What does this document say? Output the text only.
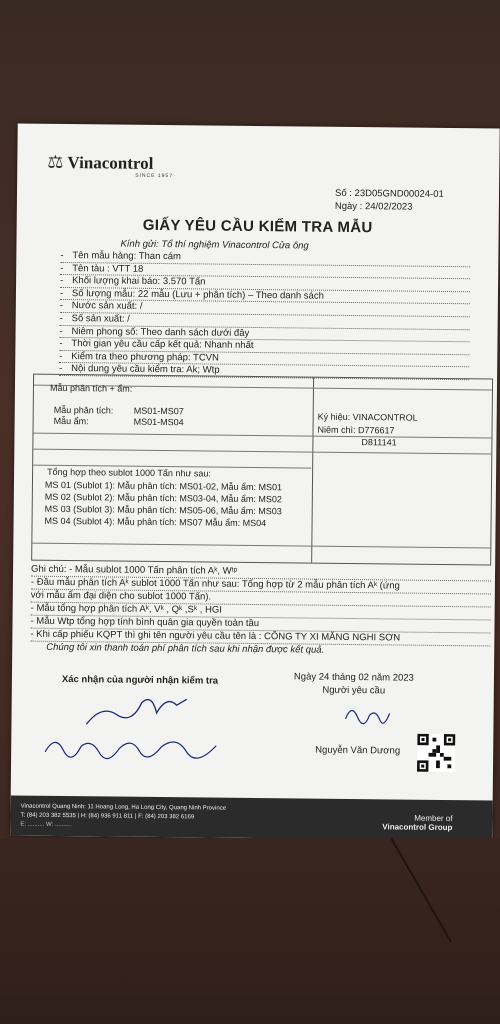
⚖ Vinacontrol
SINCE 1957
Số : 23D05GND00024-01
Ngày : 24/02/2023
GIẤY YÊU CẦU KIỂM TRA MẪU
Kính gửi: Tổ thí nghiệm Vinacontrol Cửa ông
- Tên mẫu hàng: Than cám
- Tên tàu : VTT 18
- Khối lượng khai báo: 3.570 Tấn
- Số lượng mẫu: 22 mẫu (Lưu + phân tích) – Theo danh sách
- Nước sản xuất: /
- Số sản xuất: /
- Niêm phong số: Theo danh sách dưới đây
- Thời gian yêu cầu cấp kết quả: Nhanh nhất
- Kiểm tra theo phương pháp: TCVN
- Nội dung yêu cầu kiểm tra: Ak; Wtp
Mẫu phân tích + ẩm:
Mẫu phân tích: MS01-MS07
Mẫu ẩm:	MS01-MS04	Ký hiệu: VINACONTROL
Niêm chì: D776617
D811141
Tổng hợp theo sublot 1000 Tấn như sau:
MS 01 (Sublot 1): Mẫu phân tích: MS01-02, Mẫu ẩm: MS01
MS 02 (Sublot 2): Mẫu phân tích: MS03-04, Mẫu ẩm: MS02
MS 03 (Sublot 3): Mẫu phân tích: MS05-06, Mẫu ẩm: MS03
MS 04 (Sublot 4): Mẫu phân tích: MS07 Mẫu ẩm: MS04
Ghi chú: - Mẫu sublot 1000 Tấn phân tích Aᵏ, Wᵗᵖ
- Đầu mẫu phân tích Aᵏ sublot 1000 Tấn như sau: Tổng hợp từ 2 mẫu phân tích Aᵏ (ứng
với mẫu ẩm đại diện cho sublot 1000 Tấn).
- Mẫu tổng hợp phân tích Aᵏ, Vᵏ , Qᵏ ,Sᵏ , HGI
- Mẫu Wtp tổng hợp tính bình quân gia quyền toàn tầu
- Khi cấp phiếu KQPT thì ghi tên người yêu cầu tên là : CÔNG TY XI MĂNG NGHI SƠN
Chúng tôi xin thanh toán phí phân tích sau khi nhận được kết quả.
Ngày 24 tháng 02 năm 2023
Người yêu cầu
Xác nhận của người nhận kiểm tra
Nguyễn Văn Dương
Vinacontrol Quang Ninh: 11 Hoang Long, Ha Long City, Quang Ninh Province
T: (84) 203 382 5535 | H: (84) 936 911 811 | F: (84) 203 382 6169
E: .......... W: ..........
Member of
Vinacontrol Group
